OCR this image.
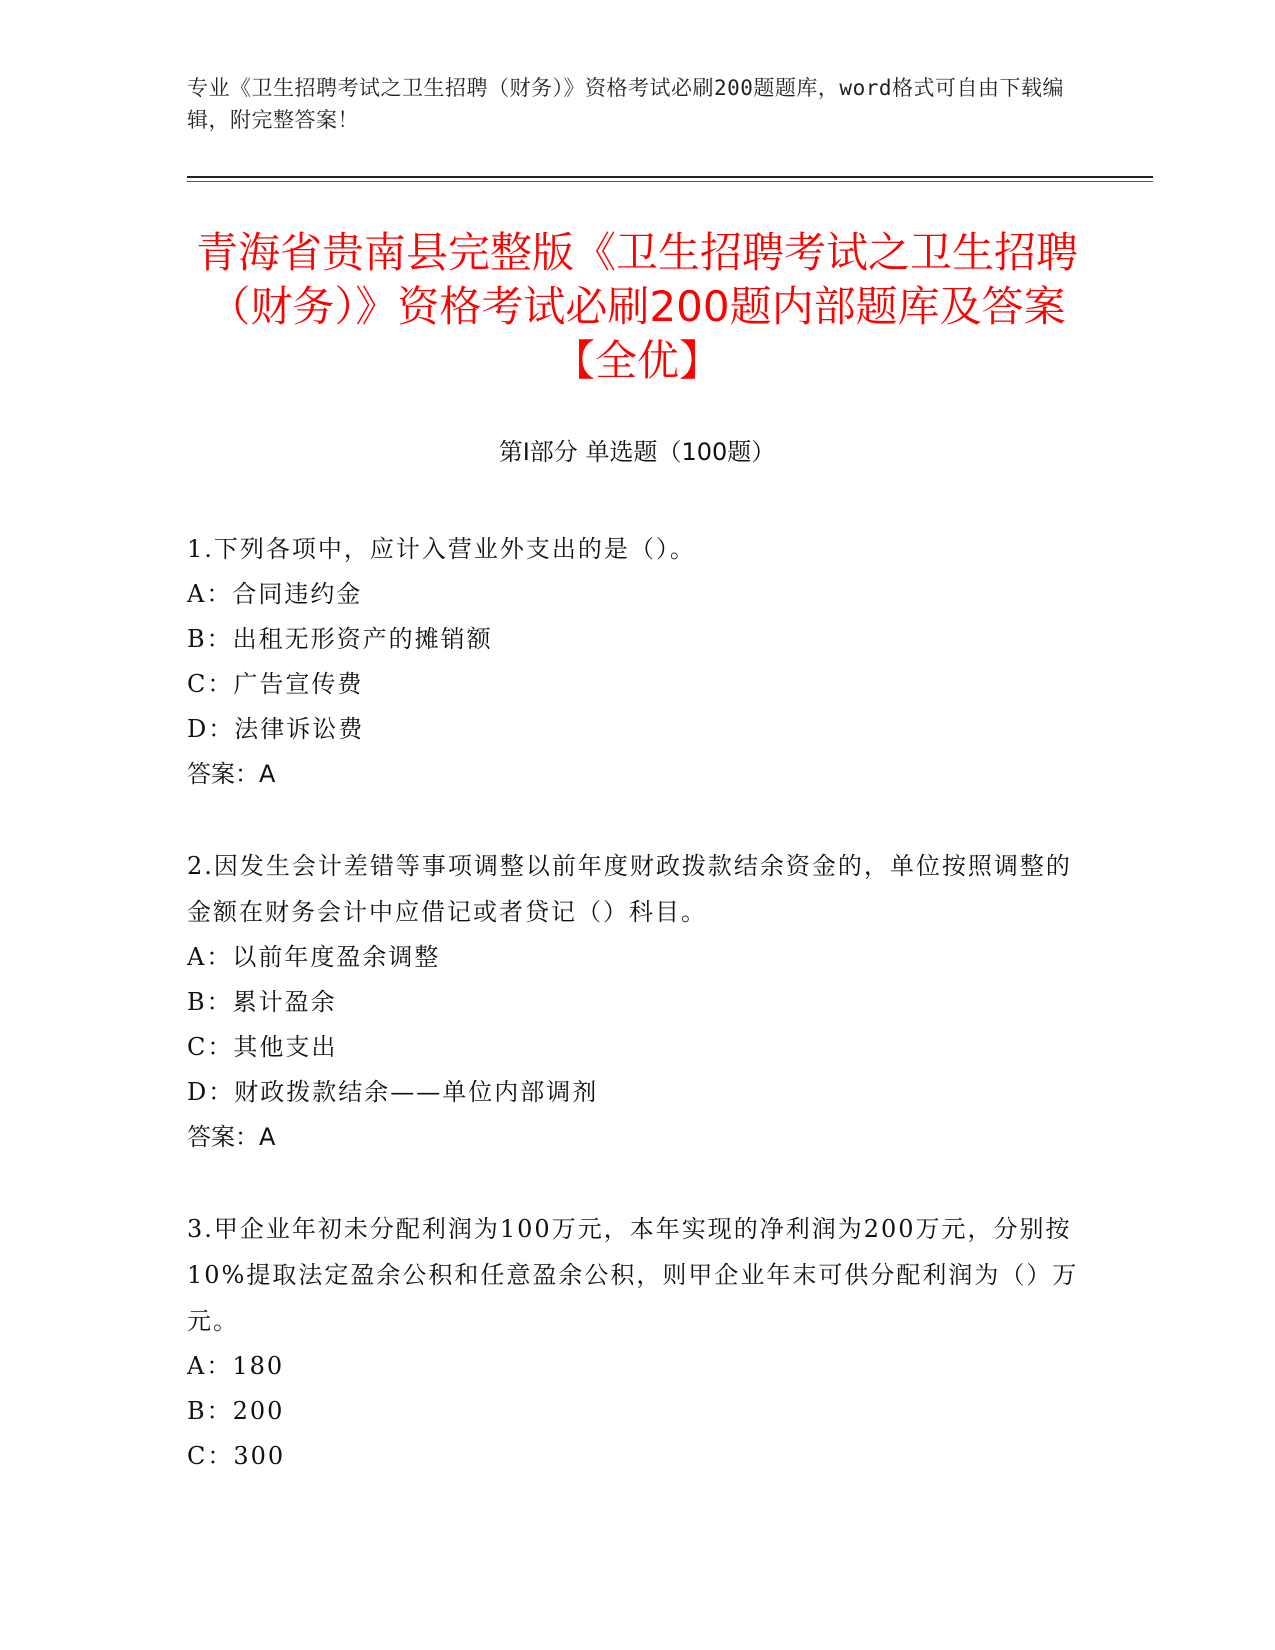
专业《卫生招聘考试之卫生招聘（财务）》资格考试必刷200题题库，word格式可自由下载编辑，附完整答案！
青海省贵南县完整版《卫生招聘考试之卫生招聘（财务）》资格考试必刷200题内部题库及答案【全优】
第I部分 单选题（100题）

1.下列各项中，应计入营业外支出的是（）。

A：合同违约金

B：出租无形资产的摊销额

C：广告宣传费

D：法律诉讼费

答案：A

2.因发生会计差错等事项调整以前年度财政拨款结余资金的，单位按照调整的金额在财务会计中应借记或者贷记（）科目。

A：以前年度盈余调整

B：累计盈余

C：其他支出

D：财政拨款结余——单位内部调剂

答案：A

3.甲企业年初未分配利润为100万元，本年实现的净利润为200万元，分别按10%提取法定盈余公积和任意盈余公积，则甲企业年末可供分配利润为（）万元。

A：180

B：200

C：300
